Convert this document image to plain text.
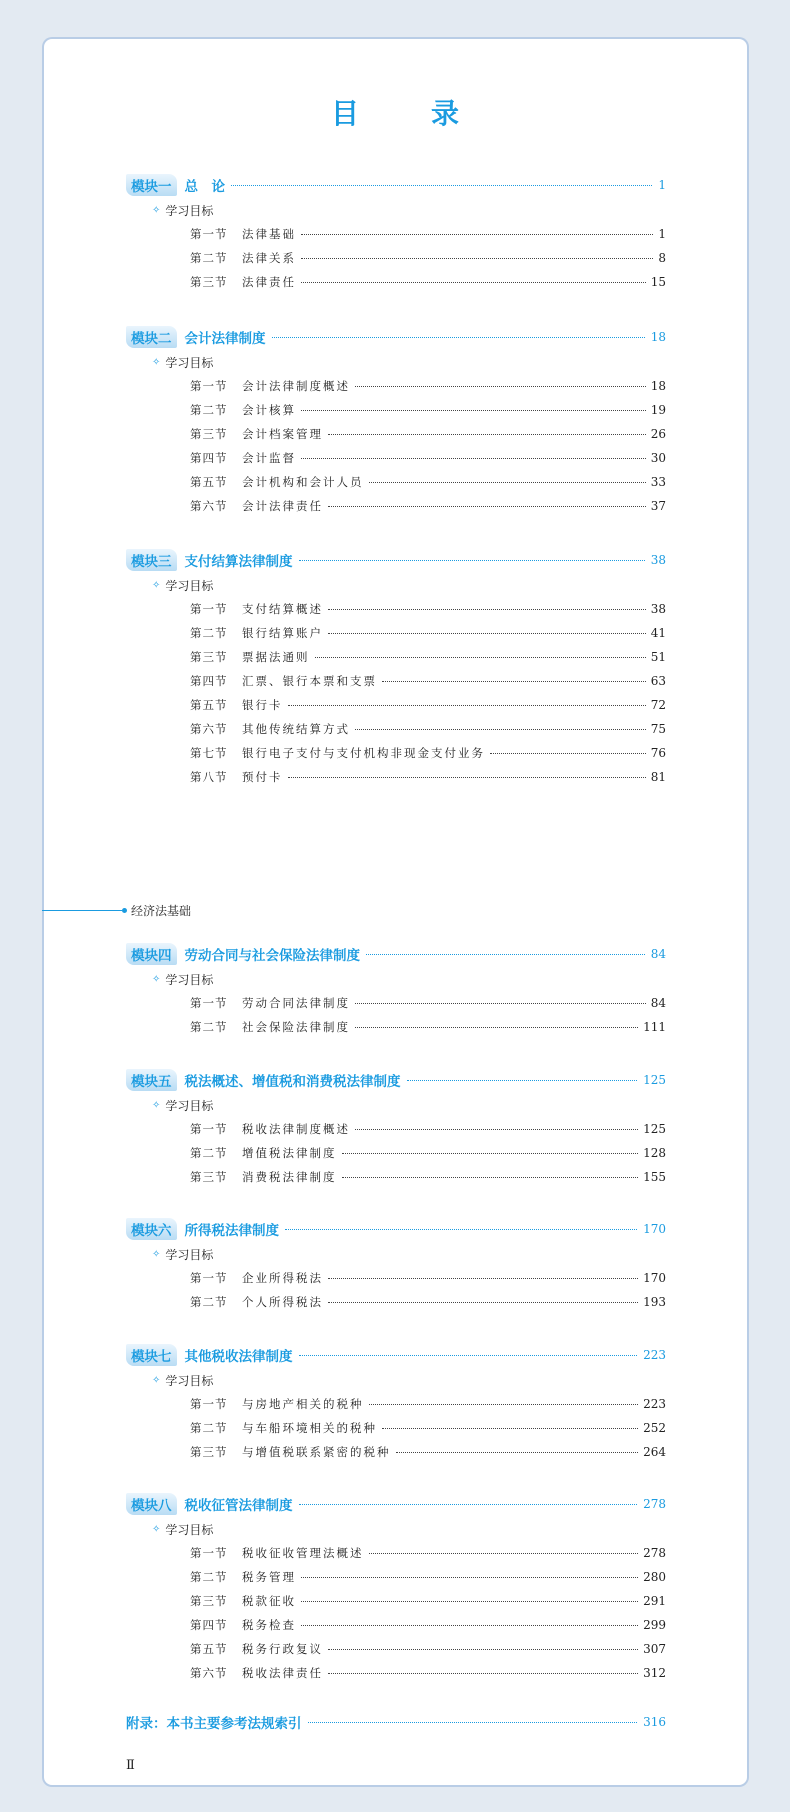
目　录
经济法基础
模块一 总　论	1
✧ 学习目标
第一节	法律基础	1
第二节	法律关系	8
第三节	法律责任	15
模块二 会计法律制度	18
✧ 学习目标
第一节	会计法律制度概述	18
第二节	会计核算	19
第三节	会计档案管理	26
第四节	会计监督	30
第五节	会计机构和会计人员	33
第六节	会计法律责任	37
模块三 支付结算法律制度	38
✧ 学习目标
第一节	支付结算概述	38
第二节	银行结算账户	41
第三节	票据法通则	51
第四节	汇票、银行本票和支票	63
第五节	银行卡	72
第六节	其他传统结算方式	75
第七节	银行电子支付与支付机构非现金支付业务	76
第八节	预付卡	81
模块四 劳动合同与社会保险法律制度	84
✧ 学习目标
第一节	劳动合同法律制度	84
第二节	社会保险法律制度	111
模块五 税法概述、增值税和消费税法律制度	125
✧ 学习目标
第一节	税收法律制度概述	125
第二节	增值税法律制度	128
第三节	消费税法律制度	155
模块六 所得税法律制度	170
✧ 学习目标
第一节	企业所得税法	170
第二节	个人所得税法	193
模块七 其他税收法律制度	223
✧ 学习目标
第一节	与房地产相关的税种	223
第二节	与车船环境相关的税种	252
第三节	与增值税联系紧密的税种	264
模块八 税收征管法律制度	278
✧ 学习目标
第一节	税收征收管理法概述	278
第二节	税务管理	280
第三节	税款征收	291
第四节	税务检查	299
第五节	税务行政复议	307
第六节	税收法律责任	312
附录：本书主要参考法规索引	316
Ⅱ
